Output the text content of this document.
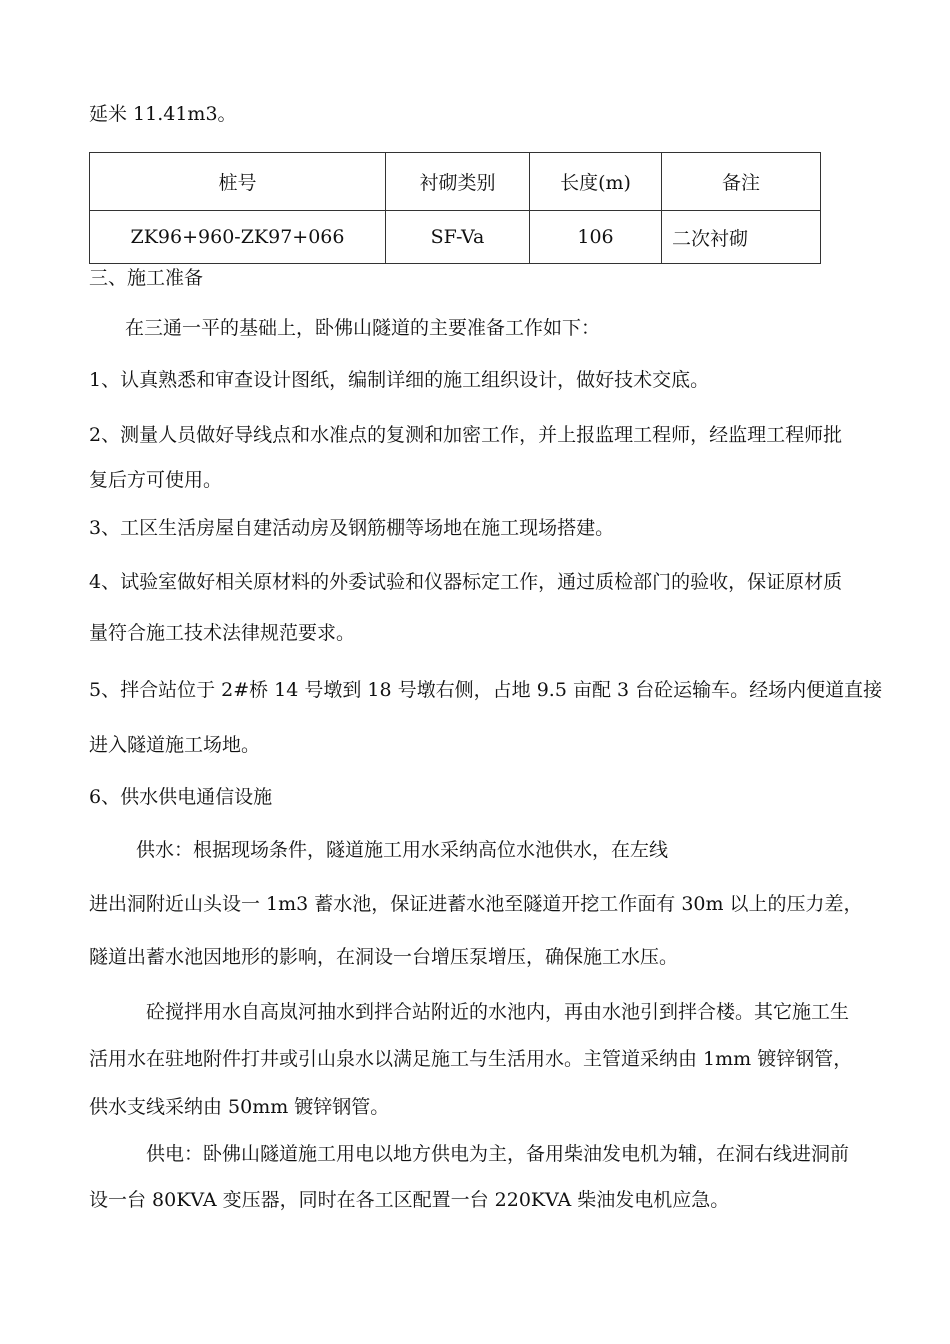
延米 11.41m3。
桩号	衬砌类别	长度(m)	备注
ZK96+960-ZK97+066	SF-Va	106	二次衬砌
三、施工准备
在三通一平的基础上，卧佛山隧道的主要准备工作如下：
1、认真熟悉和审查设计图纸，编制详细的施工组织设计，做好技术交底。
2、测量人员做好导线点和水准点的复测和加密工作，并上报监理工程师，经监理工程师批
复后方可使用。
3、工区生活房屋自建活动房及钢筋棚等场地在施工现场搭建。
4、试验室做好相关原材料的外委试验和仪器标定工作，通过质检部门的验收，保证原材质
量符合施工技术法律规范要求。
5、拌合站位于 2#桥 14 号墩到 18 号墩右侧，占地 9.5 亩配 3 台砼运输车。经场内便道直接
进入隧道施工场地。
6、供水供电通信设施
供水：根据现场条件，隧道施工用水采纳高位水池供水，在左线
进出洞附近山头设一 1m3 蓄水池，保证进蓄水池至隧道开挖工作面有 30m 以上的压力差，
隧道出蓄水池因地形的影响，在洞设一台增压泵增压，确保施工水压。
砼搅拌用水自高岚河抽水到拌合站附近的水池内，再由水池引到拌合楼。其它施工生
活用水在驻地附件打井或引山泉水以满足施工与生活用水。主管道采纳由 1mm 镀锌钢管，
供水支线采纳由 50mm 镀锌钢管。
供电：卧佛山隧道施工用电以地方供电为主，备用柴油发电机为辅，在洞右线进洞前
设一台 80KVA 变压器，同时在各工区配置一台 220KVA 柴油发电机应急。
